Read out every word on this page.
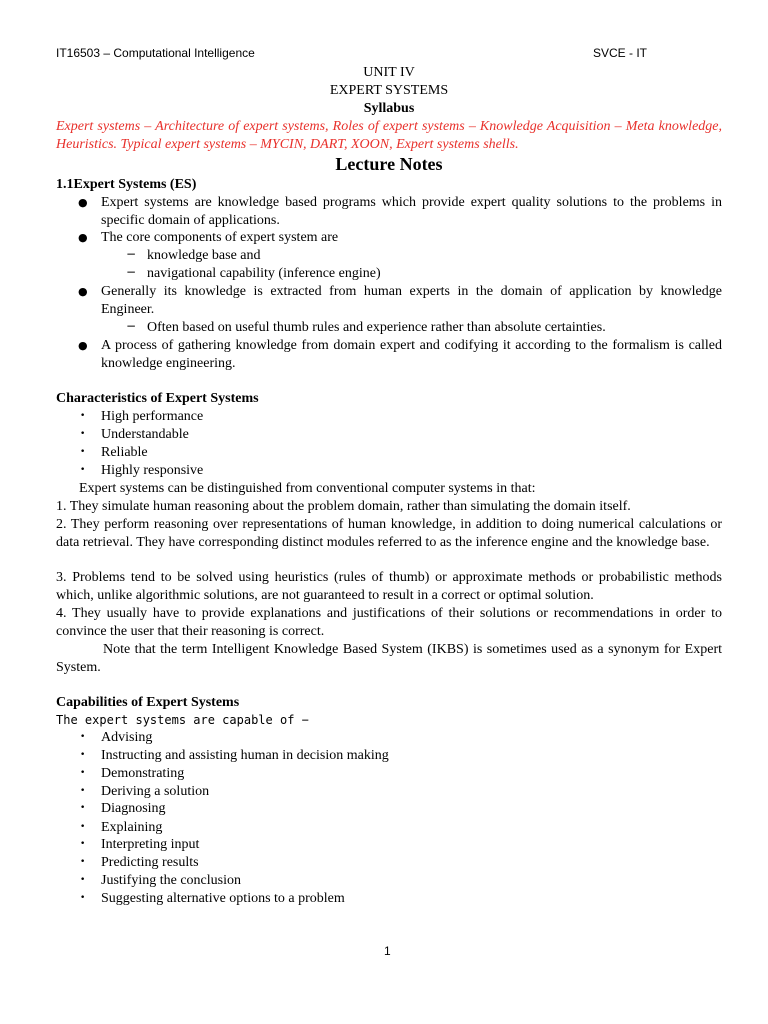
IT16503 – Computational Intelligence	SVCE - IT
UNIT IV
EXPERT SYSTEMS
Syllabus
Expert systems – Architecture of expert systems, Roles of expert systems – Knowledge Acquisition – Meta knowledge, Heuristics. Typical expert systems – MYCIN, DART, XOON, Expert systems shells.
Lecture Notes
1.1Expert Systems (ES)
● Expert systems are knowledge based programs which provide expert quality solutions to the problems in specific domain of applications.
● The core components of expert system are
− knowledge base and
− navigational capability (inference engine)
● Generally its knowledge is extracted from human experts in the domain of application by knowledge Engineer.
− Often based on useful thumb rules and experience rather than absolute certainties.
● A process of gathering knowledge from domain expert and codifying it according to the formalism is called knowledge engineering.
Characteristics of Expert Systems
• High performance
• Understandable
• Reliable
• Highly responsive
Expert systems can be distinguished from conventional computer systems in that:
1. They simulate human reasoning about the problem domain, rather than simulating the domain itself.
2. They perform reasoning over representations of human knowledge, in addition to doing numerical calculations or data retrieval. They have corresponding distinct modules referred to as the inference engine and the knowledge base.
3. Problems tend to be solved using heuristics (rules of thumb) or approximate methods or probabilistic methods which, unlike algorithmic solutions, are not guaranteed to result in a correct or optimal solution.
4. They usually have to provide explanations and justifications of their solutions or recommendations in order to convince the user that their reasoning is correct.
Note that the term Intelligent Knowledge Based System (IKBS) is sometimes used as a synonym for Expert System.
Capabilities of Expert Systems
The expert systems are capable of −
• Advising
• Instructing and assisting human in decision making
• Demonstrating
• Deriving a solution
• Diagnosing
• Explaining
• Interpreting input
• Predicting results
• Justifying the conclusion
• Suggesting alternative options to a problem
1
